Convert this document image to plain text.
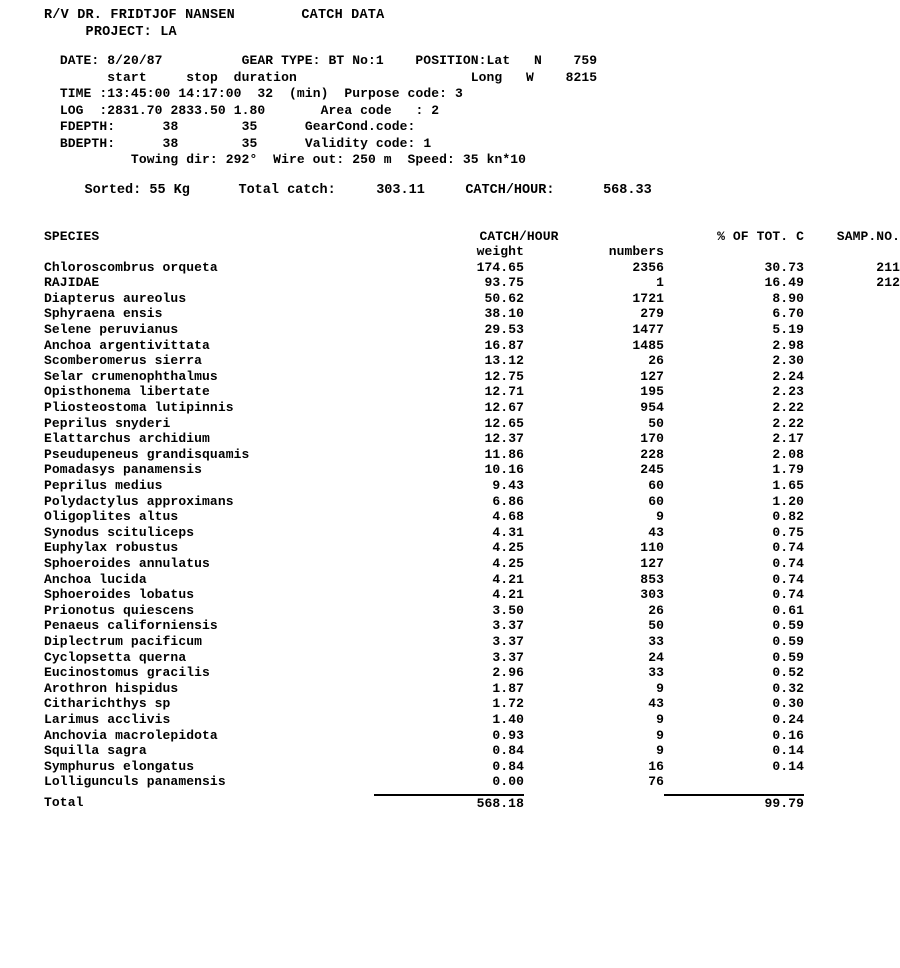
R/V DR. FRIDTJOF NANSEN	CATCH DATA
PROJECT: LA
DATE: 8/20/87	GEAR TYPE: BT No:1 POSITION:Lat N 759
start	stop duration	Long W 8215
TIME :13:45:00 14:17:00 32 (min) Purpose code: 3
LOG :2831.70 2833.50 1.80	Area code : 2
FDEPTH:	38	35	GearCond.code:
BDEPTH:	38	35	Validity code: 1
Towing dir: 292° Wire out: 250 m Speed: 35 kn*10
Sorted: 55 Kg	Total catch:	303.11	CATCH/HOUR:	568.33
SPECIES	CATCH/HOUR		% OF TOT. C	SAMP.NO.
	weight	numbers		
Chloroscombrus orqueta	174.65	2356	30.73	211
RAJIDAE	93.75	1	16.49	212
Diapterus aureolus	50.62	1721	8.90	
Sphyraena ensis	38.10	279	6.70	
Selene peruvianus	29.53	1477	5.19	
Anchoa argentivittata	16.87	1485	2.98	
Scomberomerus sierra	13.12	26	2.30	
Selar crumenophthalmus	12.75	127	2.24	
Opisthonema libertate	12.71	195	2.23	
Pliosteostoma lutipinnis	12.67	954	2.22	
Peprilus snyderi	12.65	50	2.22	
Elattarchus archidium	12.37	170	2.17	
Pseudupeneus grandisquamis	11.86	228	2.08	
Pomadasys panamensis	10.16	245	1.79	
Peprilus medius	9.43	60	1.65	
Polydactylus approximans	6.86	60	1.20	
Oligoplites altus	4.68	9	0.82	
Synodus scituliceps	4.31	43	0.75	
Euphylax robustus	4.25	110	0.74	
Sphoeroides annulatus	4.25	127	0.74	
Anchoa lucida	4.21	853	0.74	
Sphoeroides lobatus	4.21	303	0.74	
Prionotus quiescens	3.50	26	0.61	
Penaeus californiensis	3.37	50	0.59	
Diplectrum pacificum	3.37	33	0.59	
Cyclopsetta querna	3.37	24	0.59	
Eucinostomus gracilis	2.96	33	0.52	
Arothron hispidus	1.87	9	0.32	
Citharichthys sp	1.72	43	0.30	
Larimus acclivis	1.40	9	0.24	
Anchovia macrolepidota	0.93	9	0.16	
Squilla sagra	0.84	9	0.14	
Symphurus elongatus	0.84	16	0.14	
Lolligunculs panamensis	0.00	76		

Total	568.18		99.79	
